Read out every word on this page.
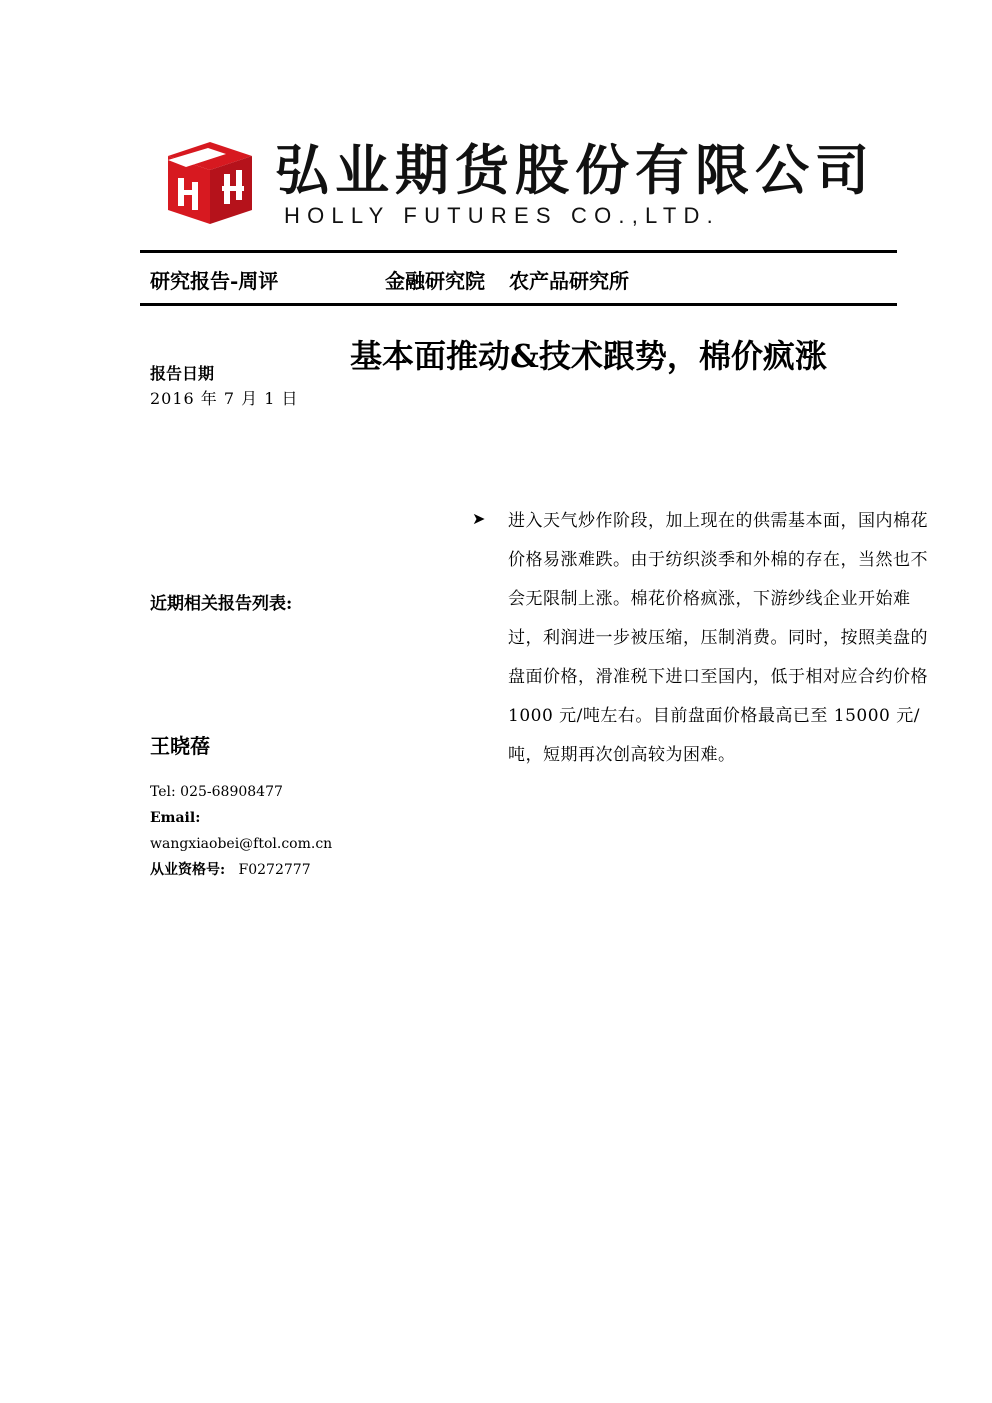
弘业期货股份有限公司
HOLLY FUTURES CO.,LTD.
研究报告-周评	金融研究院 农产品研究所
基本面推动&技术跟势，棉价疯涨
报告日期
2016 年 7 月 1 日
近期相关报告列表:
王晓蓓
Tel: 025-68908477
Email:
wangxiaobei@ftol.com.cn
从业资格号: F0272777
➤ 进入天气炒作阶段，加上现在的供需基本面，国内棉花价格易涨难跌。由于纺织淡季和外棉的存在，当然也不会无限制上涨。棉花价格疯涨，下游纱线企业开始难过，利润进一步被压缩，压制消费。同时，按照美盘的盘面价格，滑准税下进口至国内，低于相对应合约价格 1000 元/吨左右。目前盘面价格最高已至 15000 元/吨，短期再次创高较为困难。
